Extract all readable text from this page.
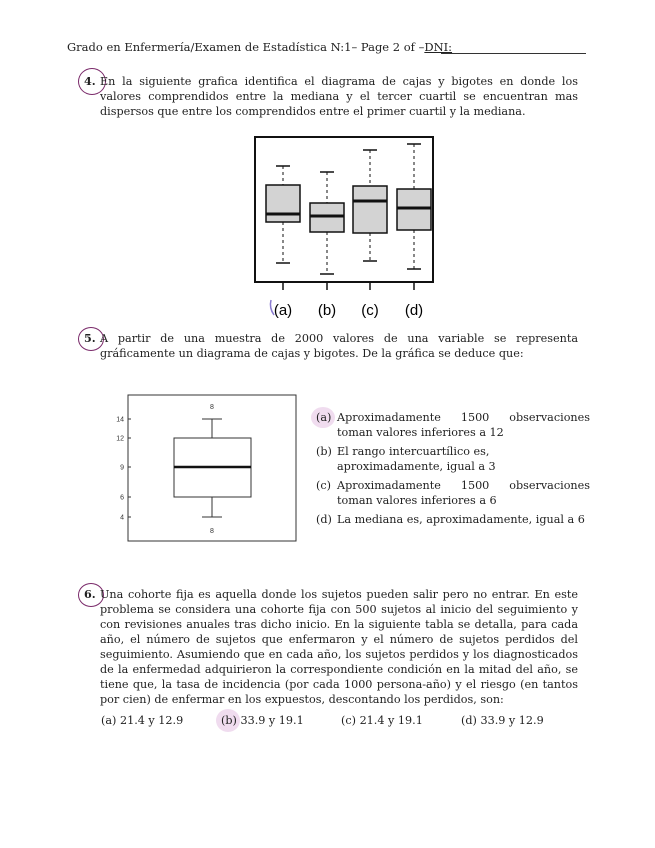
Grado en Enfermería/Examen de Estadística N:1– Page 2 of –DNI:
4. En la siguiente grafica identifica el diagrama de cajas y bigotes en donde los valores comprendidos entre la mediana y el tercer cuartil se encuentran mas dispersos que entre los comprendidos entre el primer cuartil y la mediana.
(a) (b) (c) (d)
5. A partir de una muestra de 2000 valores de una variable se representa gráficamente un diagrama de cajas y bigotes. De la gráfica se deduce que:
14
12
9
6
4
8
8
(a) Aproximadamente 1500 observaciones toman valores inferiores a 12
(b) El rango intercuartílico es, aproximadamente, igual a 3
(c) Aproximadamente 1500 observaciones toman valores inferiores a 6
(d) La mediana es, aproximadamente, igual a 6
6. Una cohorte fija es aquella donde los sujetos pueden salir pero no entrar. En este problema se considera una cohorte fija con 500 sujetos al inicio del seguimiento y con revisiones anuales tras dicho inicio. En la siguiente tabla se detalla, para cada año, el número de sujetos que enfermaron y el número de sujetos perdidos del seguimiento. Asumiendo que en cada año, los sujetos perdidos y los diagnosticados de la enfermedad adquirieron la correspondiente condición en la mitad del año, se tiene que, la tasa de incidencia (por cada 1000 persona-año) y el riesgo (en tantos por cien) de enfermar en los expuestos, descontando los perdidos, son:
(a) 21.4 y 12.9	(b) 33.9 y 19.1	(c) 21.4 y 19.1	(d) 33.9 y 12.9
